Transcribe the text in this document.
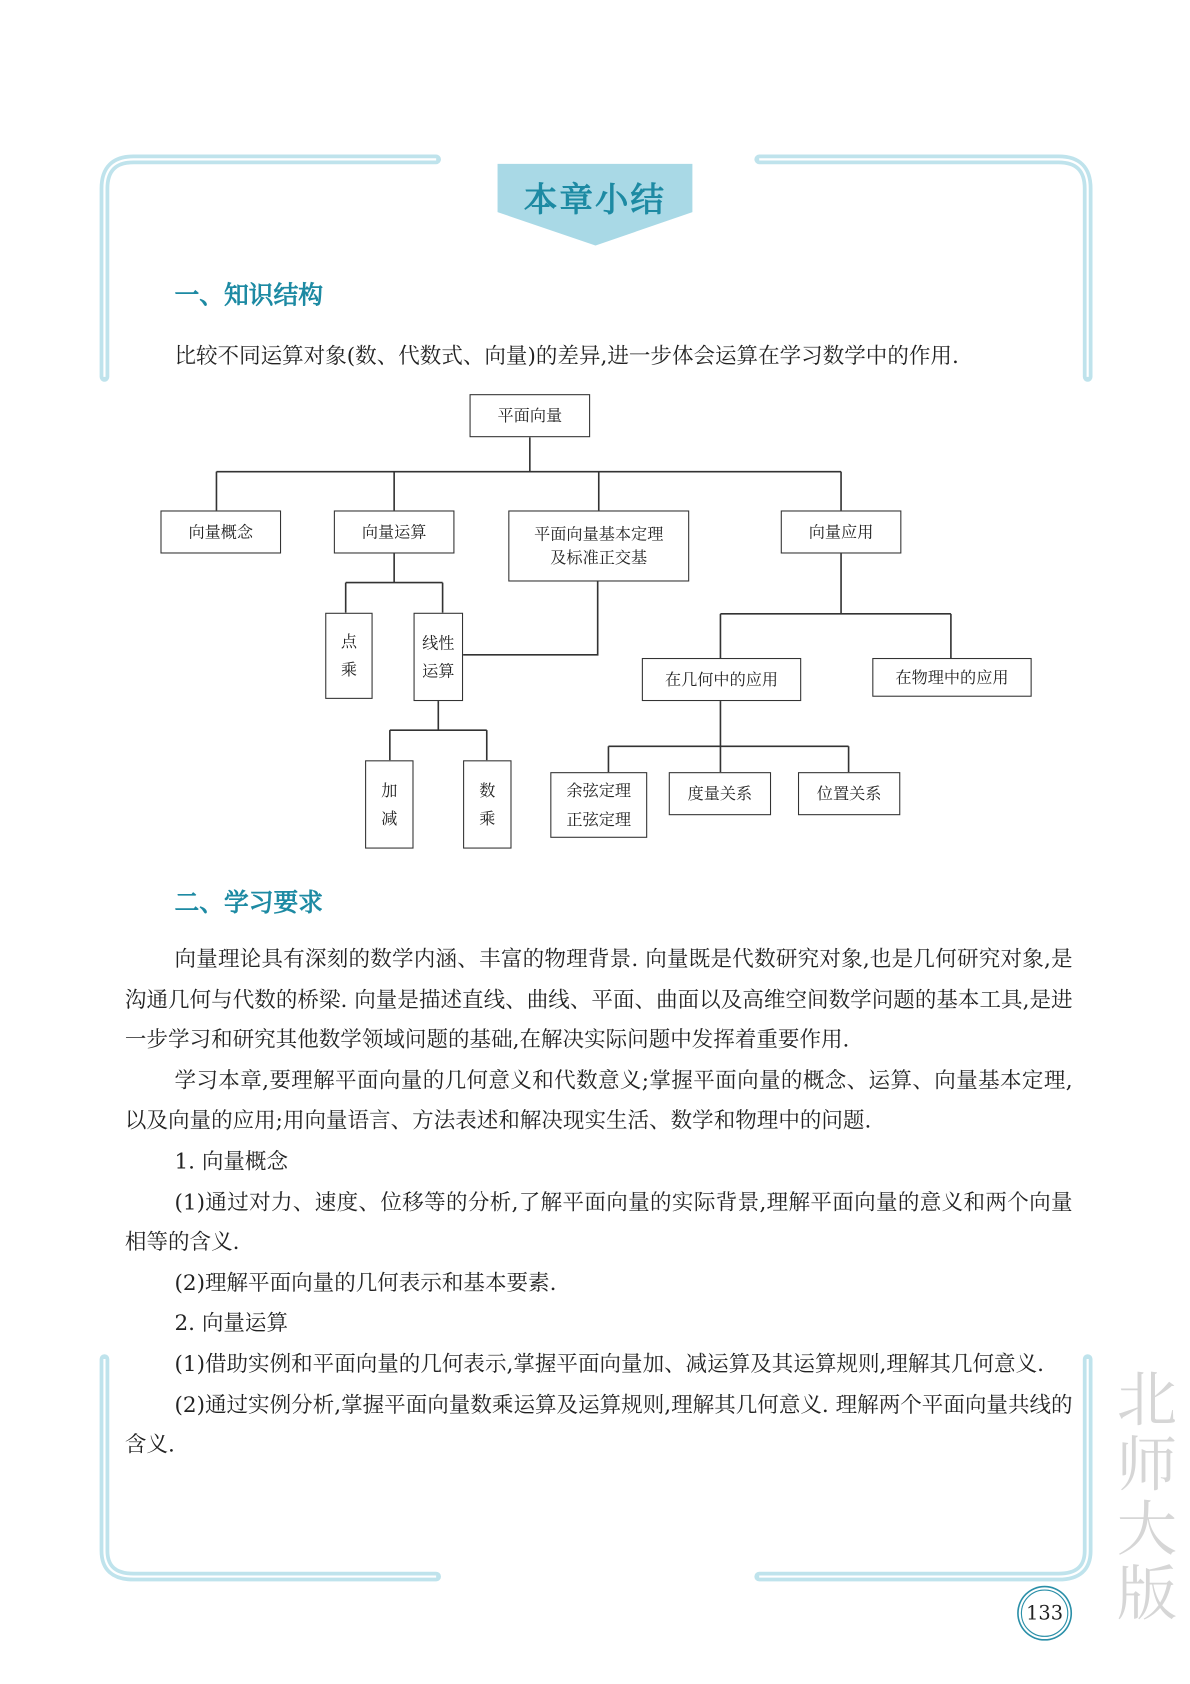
本章小结
一、知识结构
比较不同运算对象(数、代数式、向量)的差异,进一步体会运算在学习数学中的作用.
平面向量
向量概念	向量运算	平面向量基本定理 及标准正交基
向量应用
点乘
线性运算
加减
数乘
在几何中的应用	在物理中的应用
余弦定理 正弦定理
度量关系	位置关系
二、学习要求

向量理论具有深刻的数学内涵、丰富的物理背景. 向量既是代数研究对象,也是几何研究对象,是沟通几何与代数的桥梁. 向量是描述直线、曲线、平面、曲面以及高维空间数学问题的基本工具,是进一步学习和研究其他数学领域问题的基础,在解决实际问题中发挥着重要作用.

学习本章,要理解平面向量的几何意义和代数意义;掌握平面向量的概念、运算、向量基本定理,以及向量的应用;用向量语言、方法表述和解决现实生活、数学和物理中的问题.

1. 向量概念

(1)通过对力、速度、位移等的分析,了解平面向量的实际背景,理解平面向量的意义和两个向量相等的含义.

(2)理解平面向量的几何表示和基本要素.

2. 向量运算

(1)借助实例和平面向量的几何表示,掌握平面向量加、减运算及其运算规则,理解其几何意义.

(2)通过实例分析,掌握平面向量数乘运算及运算规则,理解其几何意义. 理解两个平面向量共线的含义.	北师大版
133
